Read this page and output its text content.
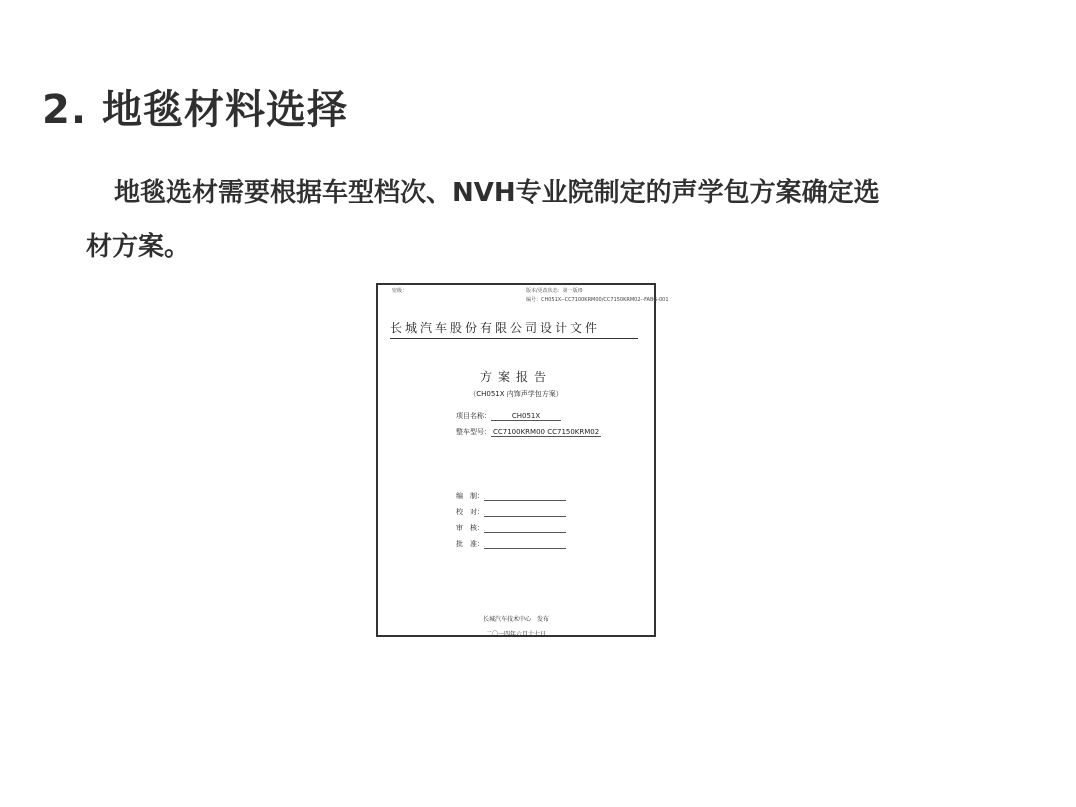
2. 地毯材料选择

地毯选材需要根据车型档次、NVH专业院制定的声学包方案确定选
材方案。

密级：	版本/更改状态：第一版/0
编号：CH051X--CC7100KRM00/CC7150KRM02--FABG-001
长城汽车股份有限公司设计文件
方案报告
（CH051X 内饰声学包方案）
项目名称：	CH051X
整车型号： CC7100KRM00 CC7150KRM02
编　制：
校　对：
审　核：
批　准：
长城汽车技术中心　发布
二〇一四年六月十七日
